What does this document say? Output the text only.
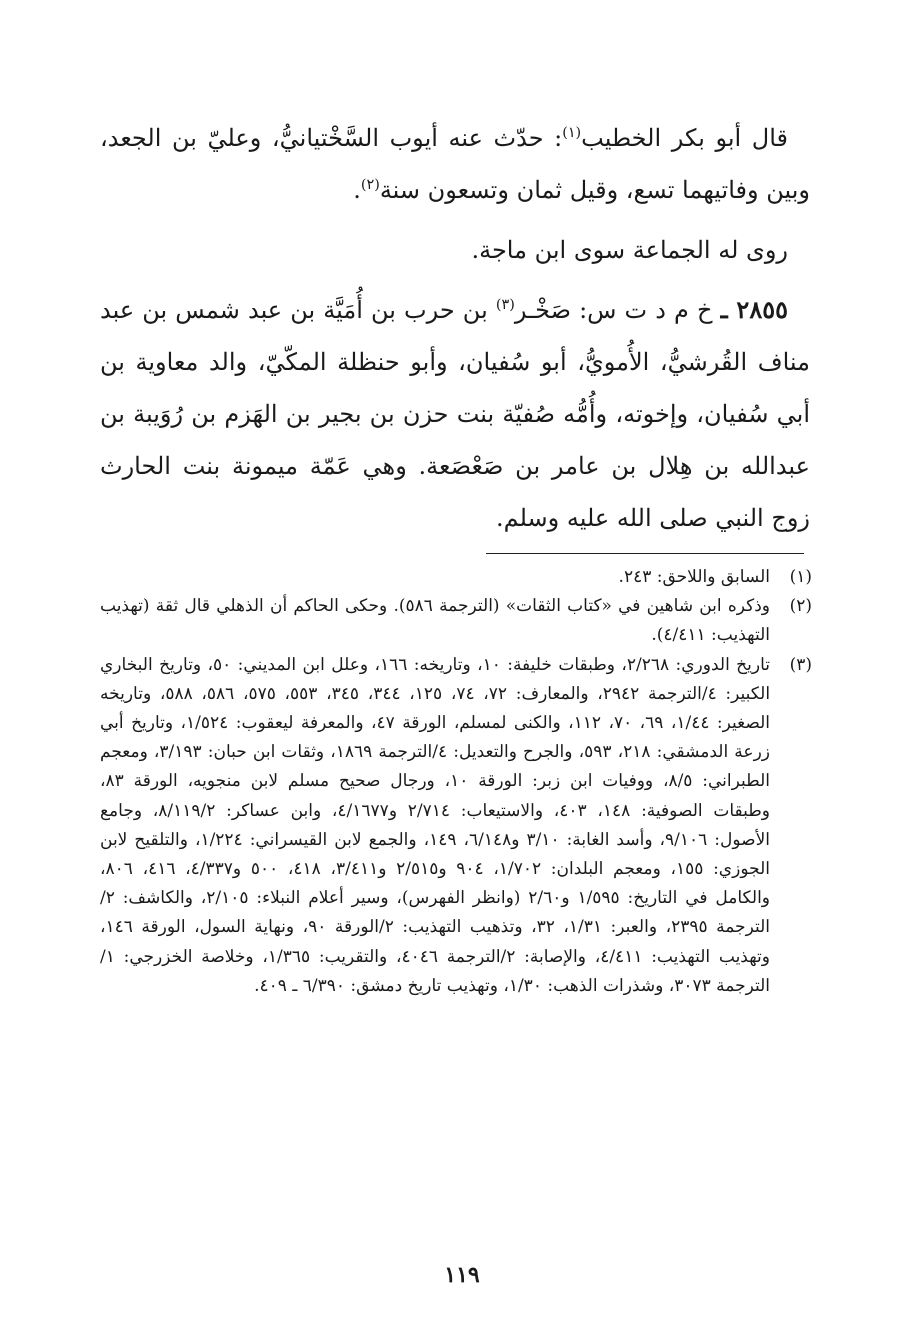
قال أبو بكر الخطيب$^{(١)}$: حدّث عنه أيوب السَّخْتيانيُّ، وعليّ بن الجعد، وبين وفاتيهما تسع، وقيل ثمان وتسعون سنة$^{(٢)}$.

روى له الجماعة سوى ابن ماجة.

٢٨٥٥ ـ خ م د ت س: صَخْـر$^{(٣)}$ بن حرب بن أُمَيَّة بن عبد شمس بن عبد مناف القُرشيُّ، الأُمويُّ، أبو سُفيان، وأبو حنظلة المكّيّ، والد معاوية بن أبي سُفيان، وإخوته، وأُمُّه صُفيّة بنت حزن بن بجير بن الهَزم بن رُوَيبة بن عبدالله بن هِلال بن عامر بن صَعْصَعة. وهي عَمّة ميمونة بنت الحارث زوج النبي صلى الله عليه وسلم.

(١)
السابق واللاحق: ٢٤٣.
(٢)
وذكره ابن شاهين في «كتاب الثقات» (الترجمة ٥٨٦). وحكى الحاكم أن الذهلي قال ثقة (تهذيب التهذيب: ٤/٤١١).
(٣)
تاريخ الدوري: ٢/٢٦٨، وطبقات خليفة: ١٠، وتاريخه: ١٦٦، وعلل ابن المديني: ٥٠، وتاريخ البخاري الكبير: ٤/الترجمة ٢٩٤٢، والمعارف: ٧٢، ٧٤، ١٢٥، ٣٤٤، ٣٤٥، ٥٥٣، ٥٧٥، ٥٨٦، ٥٨٨، وتاريخه الصغير: ١/٤٤، ٦٩، ٧٠، ١١٢، والكنى لمسلم، الورقة ٤٧، والمعرفة ليعقوب: ١/٥٢٤، وتاريخ أبي زرعة الدمشقي: ٢١٨، ٥٩٣، والجرح والتعديل: ٤/الترجمة ١٨٦٩، وثقات ابن حبان: ٣/١٩٣، ومعجم الطبراني: ٨/٥، ووفيات ابن زبر: الورقة ١٠، ورجال صحيح مسلم لابن منجويه، الورقة ٨٣، وطبقات الصوفية: ١٤٨، ٤٠٣، والاستيعاب: ٢/٧١٤ و٤/١٦٧٧، وابن عساكر: ٨/١١٩/٢، وجامع الأصول: ٩/١٠٦، وأسد الغابة: ٣/١٠ و٦/١٤٨، ١٤٩، والجمع لابن القيسراني: ١/٢٢٤، والتلقيح لابن الجوزي: ١٥٥، ومعجم البلدان: ١/٧٠٢، ٩٠٤ و٢/٥١٥ و٣/٤١١، ٤١٨، ٥٠٠ و٤/٣٣٧، ٤١٦، ٨٠٦، والكامل في التاريخ: ١/٥٩٥ و٢/٦٠ (وانظر الفهرس)، وسير أعلام النبلاء: ٢/١٠٥، والكاشف: ٢/الترجمة ٢٣٩٥، والعبر: ١/٣١، ٣٢، وتذهيب التهذيب: ٢/الورقة ٩٠، ونهاية السول، الورقة ١٤٦، وتهذيب التهذيب: ٤/٤١١، والإصابة: ٢/الترجمة ٤٠٤٦، والتقريب: ١/٣٦٥، وخلاصة الخزرجي: ١/الترجمة ٣٠٧٣، وشذرات الذهب: ١/٣٠، وتهذيب تاريخ دمشق: ٦/٣٩٠ ـ ٤٠٩.
١١٩
